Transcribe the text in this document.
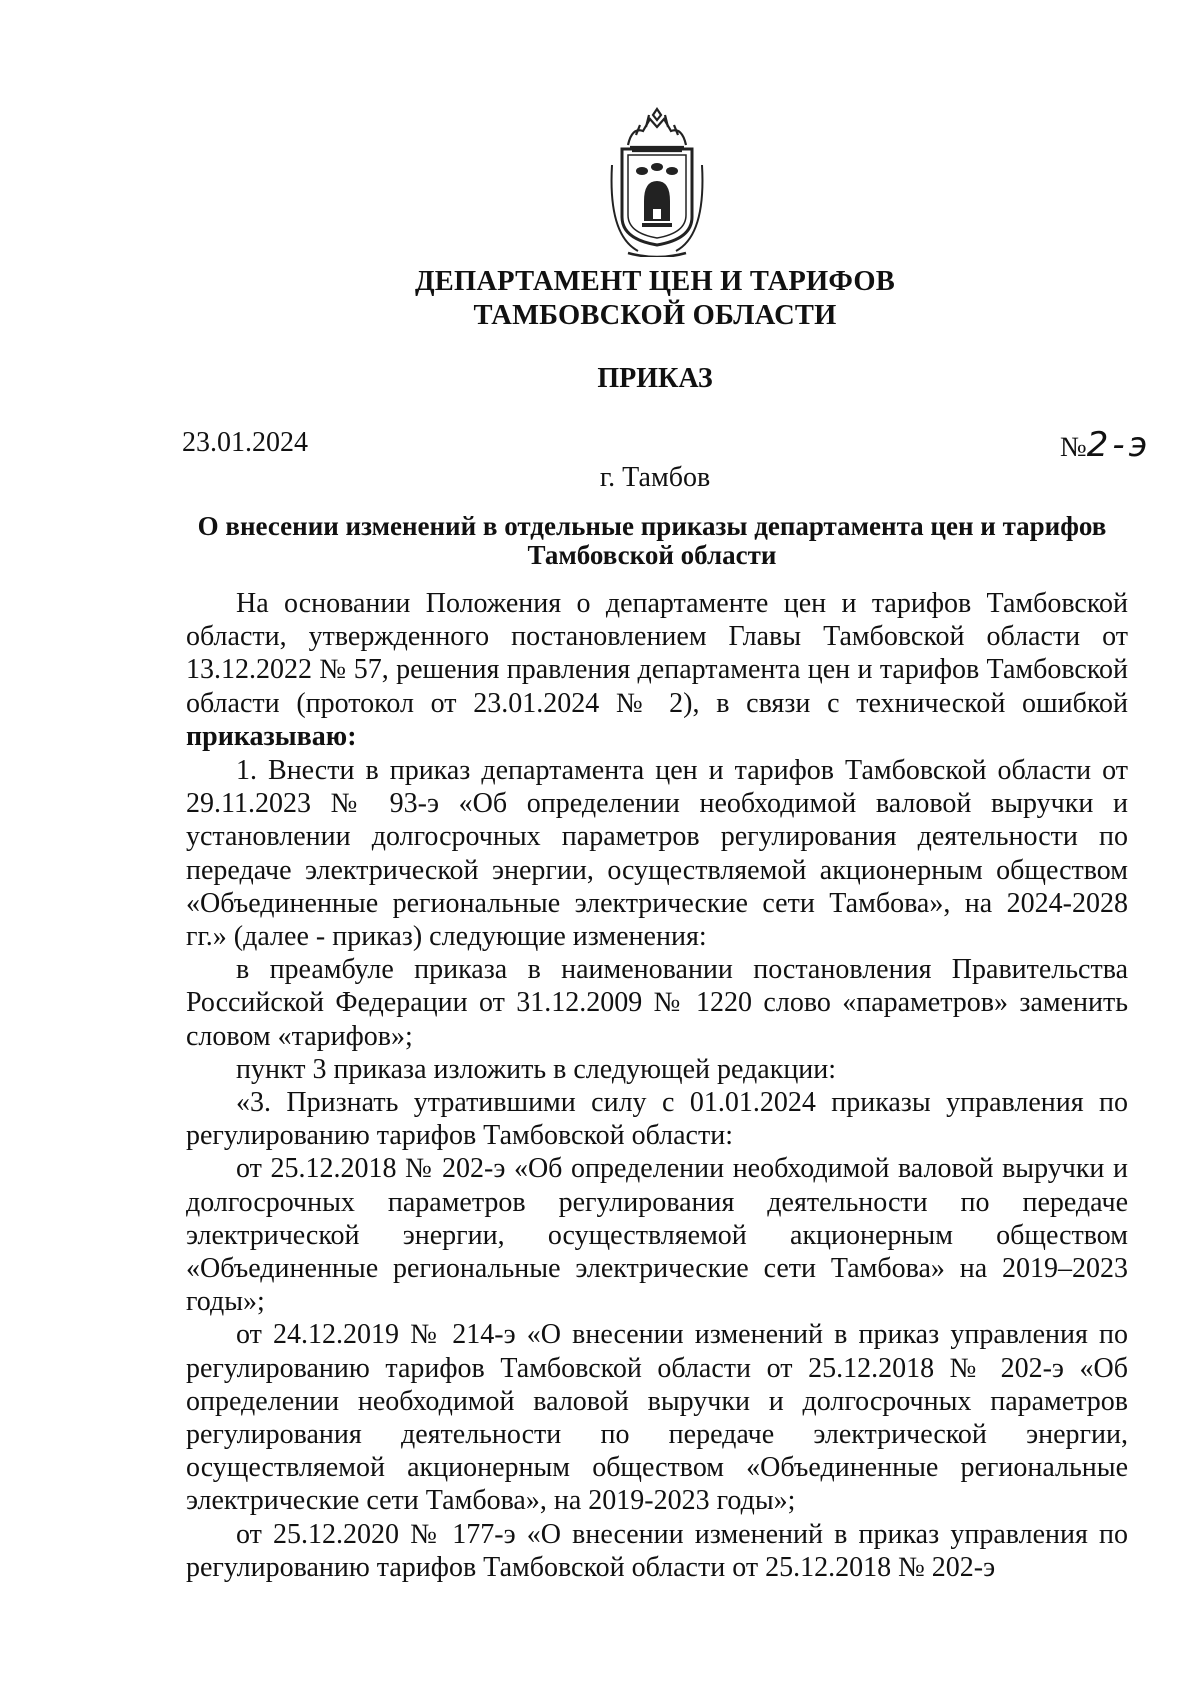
ДЕПАРТАМЕНТ ЦЕН И ТАРИФОВ
ТАМБОВСКОЙ ОБЛАСТИ
ПРИКАЗ
23.01.2024	№2-э
г. Тамбов
О внесении изменений в отдельные приказы департамента цен и тарифов Тамбовской области

На основании Положения о департаменте цен и тарифов Тамбовской области, утвержденного постановлением Главы Тамбовской области от 13.12.2022 № 57, решения правления департамента цен и тарифов Тамбовской области (протокол от 23.01.2024 № 2), в связи с технической ошибкой приказываю:

1. Внести в приказ департамента цен и тарифов Тамбовской области от 29.11.2023 № 93-э «Об определении необходимой валовой выручки и установлении долгосрочных параметров регулирования деятельности по передаче электрической энергии, осуществляемой акционерным обществом «Объединенные региональные электрические сети Тамбова», на 2024-2028 гг.» (далее - приказ) следующие изменения:

в преамбуле приказа в наименовании постановления Правительства Российской Федерации от 31.12.2009 № 1220 слово «параметров» заменить словом «тарифов»;

пункт 3 приказа изложить в следующей редакции:

«3. Признать утратившими силу с 01.01.2024 приказы управления по регулированию тарифов Тамбовской области:

от 25.12.2018 № 202-э «Об определении необходимой валовой выручки и долгосрочных параметров регулирования деятельности по передаче электрической энергии, осуществляемой акционерным обществом «Объединенные региональные электрические сети Тамбова» на 2019–2023 годы»;

от 24.12.2019 № 214-э «О внесении изменений в приказ управления по регулированию тарифов Тамбовской области от 25.12.2018 № 202-э «Об определении необходимой валовой выручки и долгосрочных параметров регулирования деятельности по передаче электрической энергии, осуществляемой акционерным обществом «Объединенные региональные электрические сети Тамбова», на 2019-2023 годы»;

от 25.12.2020 № 177-э «О внесении изменений в приказ управления по регулированию тарифов Тамбовской области от 25.12.2018 № 202-э
